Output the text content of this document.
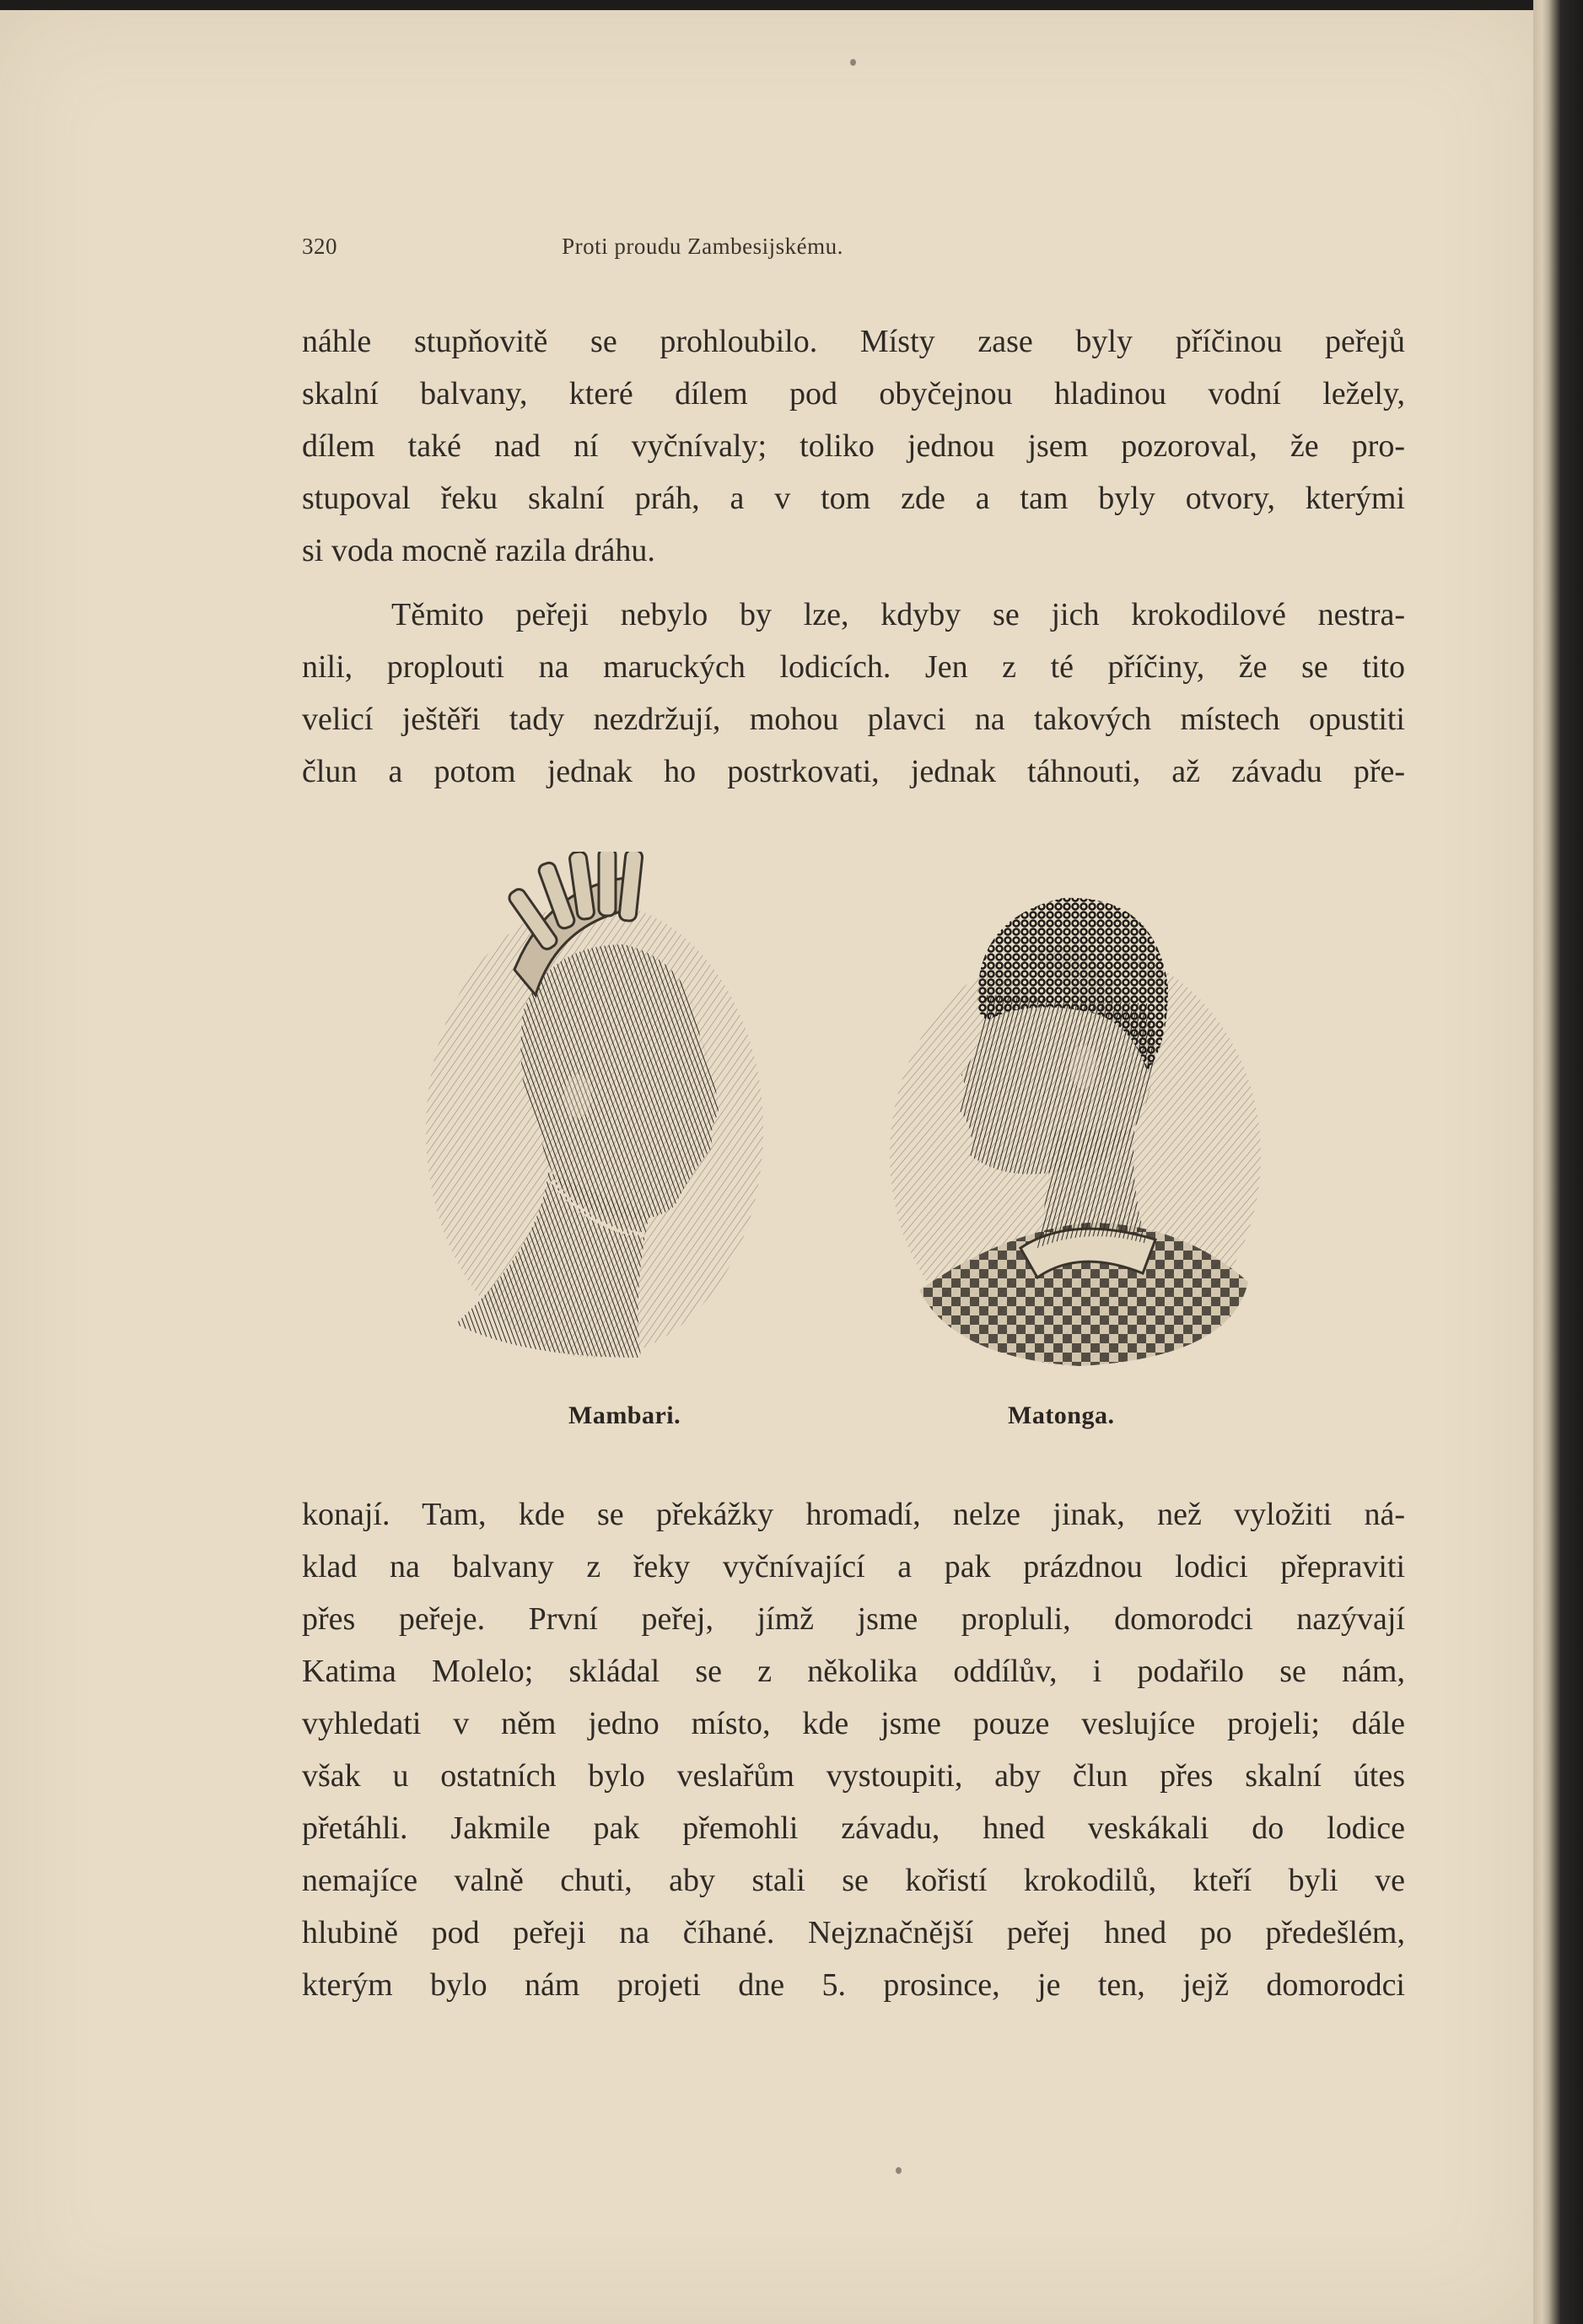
320	Proti proudu Zambesijskému.
náhle stupňovitě se prohloubilo. Místy zase byly příčinou peřejů
skalní balvany, které dílem pod obyčejnou hladinou vodní ležely,
dílem také nad ní vyčnívaly; toliko jednou jsem pozoroval, že pro-
stupoval řeku skalní práh, a v tom zde a tam byly otvory, kterými
si voda mocně razila dráhu.
Těmito peřeji nebylo by lze, kdyby se jich krokodilové nestra-
nili, proplouti na maruckých lodicích. Jen z té příčiny, že se tito
velicí ještěři tady nezdržují, mohou plavci na takových místech opustiti
člun a potom jednak ho postrkovati, jednak táhnouti, až závadu pře-
Mambari.	Matonga.
konají. Tam, kde se překážky hromadí, nelze jinak, než vyložiti ná-
klad na balvany z řeky vyčnívající a pak prázdnou lodici přepraviti
přes peřeje. První peřej, jímž jsme propluli, domorodci nazývají
Katima Molelo; skládal se z několika oddílův, i podařilo se nám,
vyhledati v něm jedno místo, kde jsme pouze veslujíce projeli; dále
však u ostatních bylo veslařům vystoupiti, aby člun přes skalní útes
přetáhli. Jakmile pak přemohli závadu, hned veskákali do lodice
nemajíce valně chuti, aby stali se kořistí krokodilů, kteří byli ve
hlubině pod peřeji na číhané. Nejznačnější peřej hned po předešlém,
kterým bylo nám projeti dne 5. prosince, je ten, jejž domorodci
